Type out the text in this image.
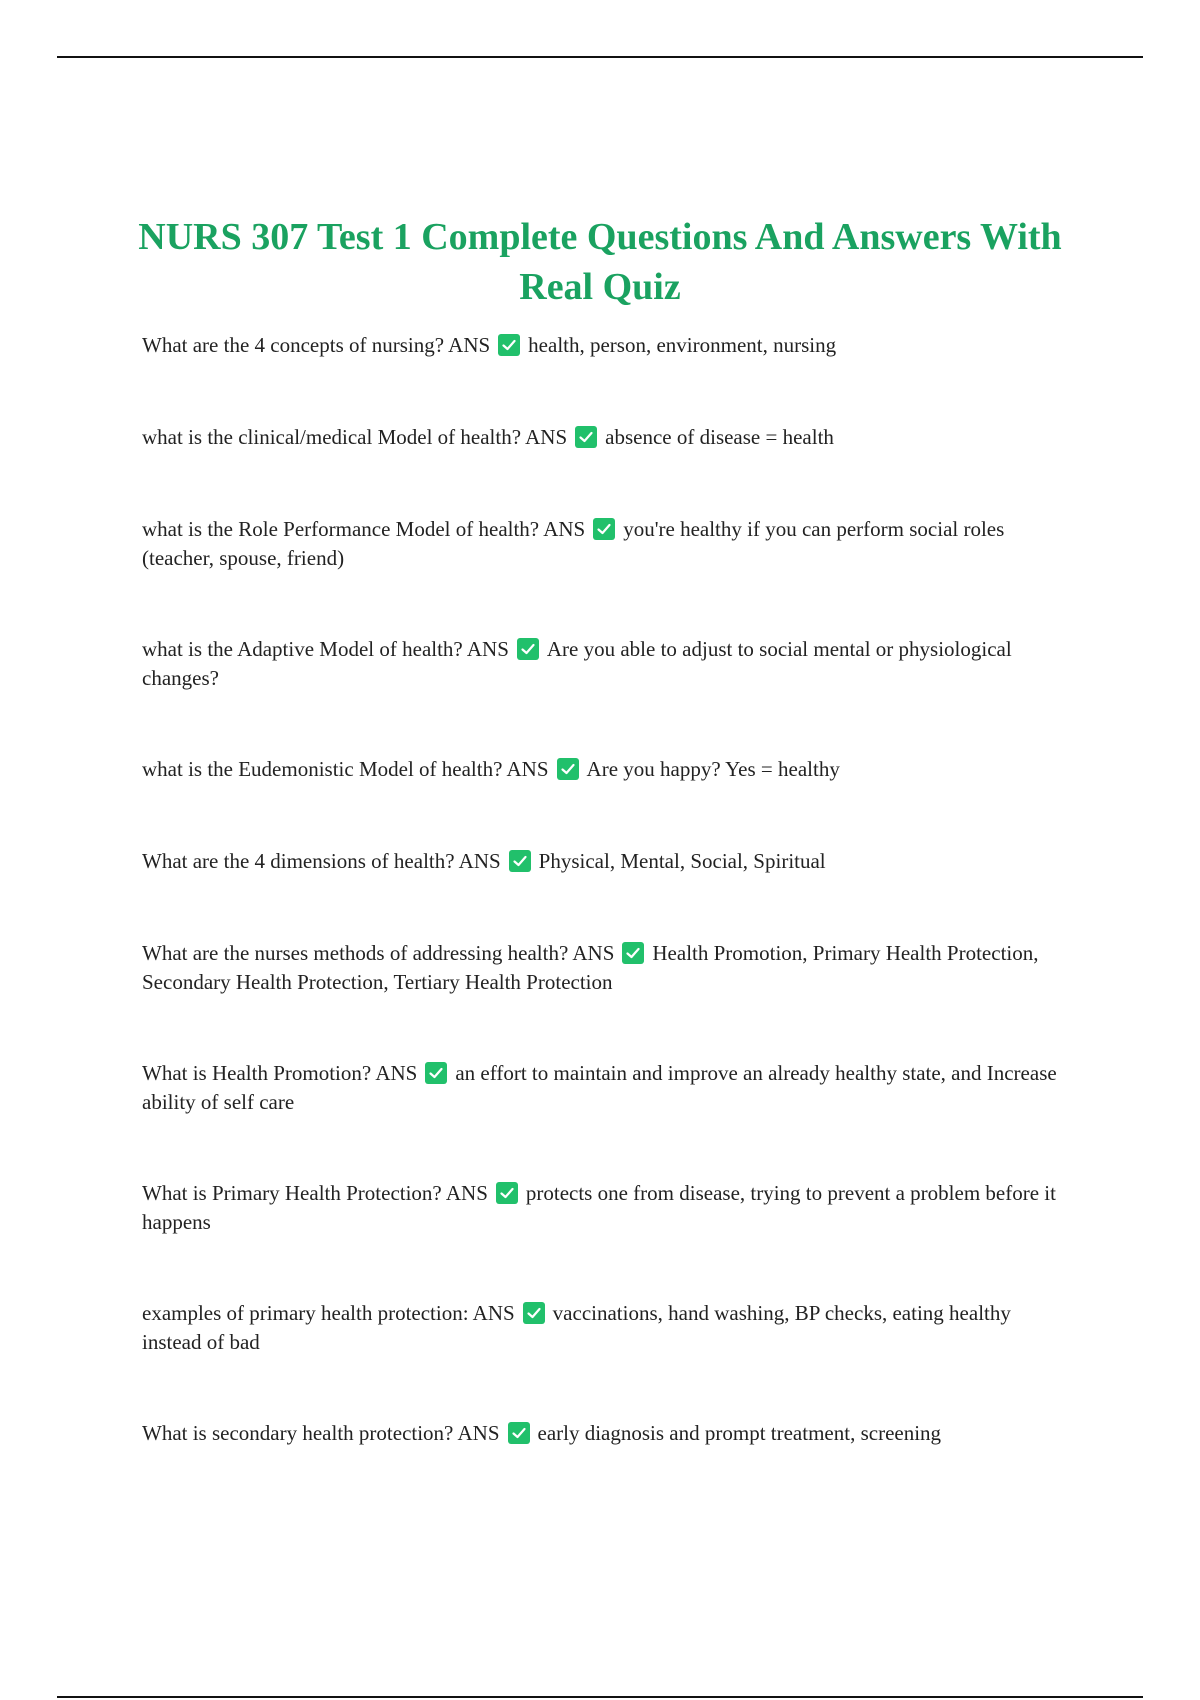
NURS 307 Test 1 Complete Questions And Answers With Real Quiz
What are the 4 concepts of nursing? ANS health, person, environment, nursing
what is the clinical/medical Model of health? ANS absence of disease = health
what is the Role Performance Model of health? ANS you're healthy if you can perform social roles (teacher, spouse, friend)
what is the Adaptive Model of health? ANS Are you able to adjust to social mental or physiological changes?
what is the Eudemonistic Model of health? ANS Are you happy? Yes = healthy
What are the 4 dimensions of health? ANS Physical, Mental, Social, Spiritual
What are the nurses methods of addressing health? ANS Health Promotion, Primary Health Protection, Secondary Health Protection, Tertiary Health Protection
What is Health Promotion? ANS an effort to maintain and improve an already healthy state, and Increase ability of self care
What is Primary Health Protection? ANS protects one from disease, trying to prevent a problem before it happens
examples of primary health protection: ANS vaccinations, hand washing, BP checks, eating healthy instead of bad
What is secondary health protection? ANS early diagnosis and prompt treatment, screening
